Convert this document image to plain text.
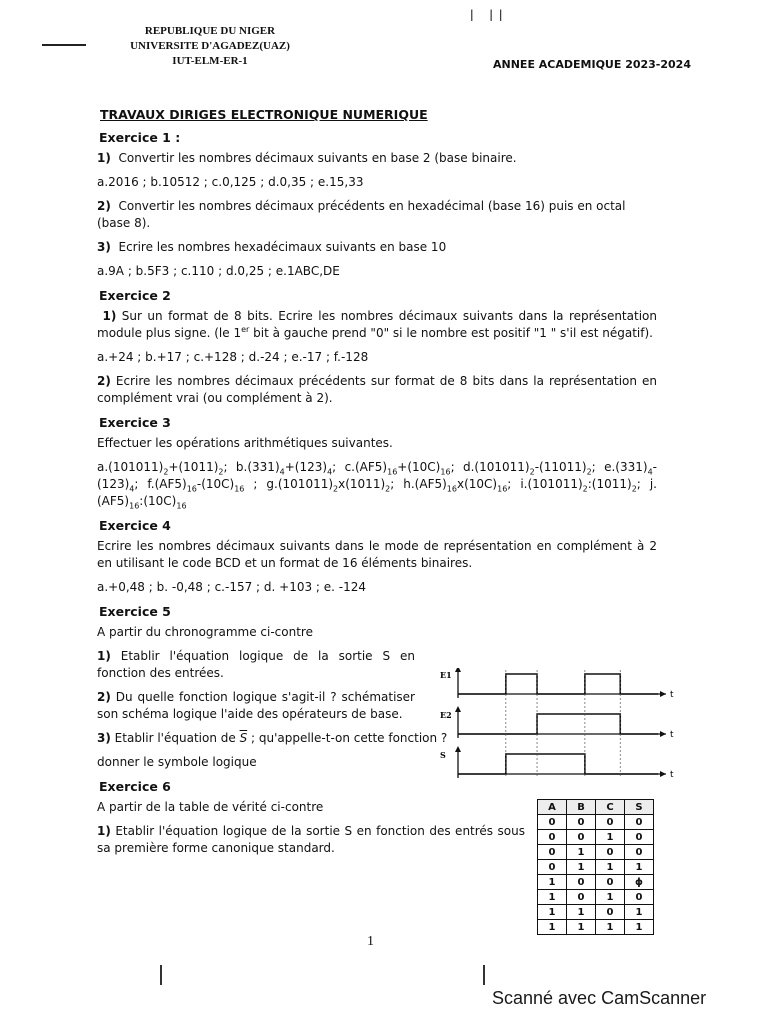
ꟾ ꟾꟾ
REPUBLIQUE DU NIGER
UNIVERSITE D'AGADEZ(UAZ)
IUT-ELM-ER-1	ANNEE ACADEMIQUE 2023-2024
TRAVAUX DIRIGES ELECTRONIQUE NUMERIQUE
Exercice 1 :
1) Convertir les nombres décimaux suivants en base 2 (base binaire.
a.2016 ; b.10512 ; c.0,125 ; d.0,35 ; e.15,33
2) Convertir les nombres décimaux précédents en hexadécimal (base 16) puis en octal (base 8).
3) Ecrire les nombres hexadécimaux suivants en base 10
a.9A ; b.5F3 ; c.110 ; d.0,25 ; e.1ABC,DE
Exercice 2
1) Sur un format de 8 bits. Ecrire les nombres décimaux suivants dans la représentation module plus signe. (le 1er bit à gauche prend "0" si le nombre est positif "1 " s'il est négatif).
a.+24 ; b.+17 ; c.+128 ; d.-24 ; e.-17 ; f.-128
2) Ecrire les nombres décimaux précédents sur format de 8 bits dans la représentation en complément vrai (ou complément à 2).
Exercice 3
Effectuer les opérations arithmétiques suivantes.
$a.(101011)_2+(1011)_2$; $b.(331)_4+(123)_4$; $c.(AF5)_{16}+(10C)_{16}$; $d.(101011)_2-(11011)_2$; $e.(331)_4-(123)_4$; $f.(AF5)_{16}-(10C)_{16}$ ; $g.(101011)_2x(1011)_2$; $h.(AF5)_{16}x(10C)_{16}$; $i.(101011)_2:(1011)_2$; $j.(AF5)_{16}:(10C)_{16}$
Exercice 4
Ecrire les nombres décimaux suivants dans le mode de représentation en complément à 2 en utilisant le code BCD et un format de 16 éléments binaires.
a.+0,48 ; b. -0,48 ; c.-157 ; d. +103 ; e. -124
Exercice 5
A partir du chronogramme ci-contre
1) Etablir l'équation logique de la sortie S en fonction des entrées.
2) Du quelle fonction logique s'agit-il ? schématiser son schéma logique l'aide des opérateurs de base.
3) Etablir l'équation de $\overline{S}$ ; qu'appelle-t-on cette fonction ?
donner le symbole logique
Exercice 6
A partir de la table de vérité ci-contre
1) Etablir l'équation logique de la sortie S en fonction des entrés sous sa première forme canonique standard.
t
E1
t
E2
t
S
A	B	C	S
0	0	0	0
0	0	1	0
0	1	0	0
0	1	1	1
1	0	0	ϕ
1	0	1	0
1	1	0	1
1	1	1	1
1
Scanné avec CamScanner
